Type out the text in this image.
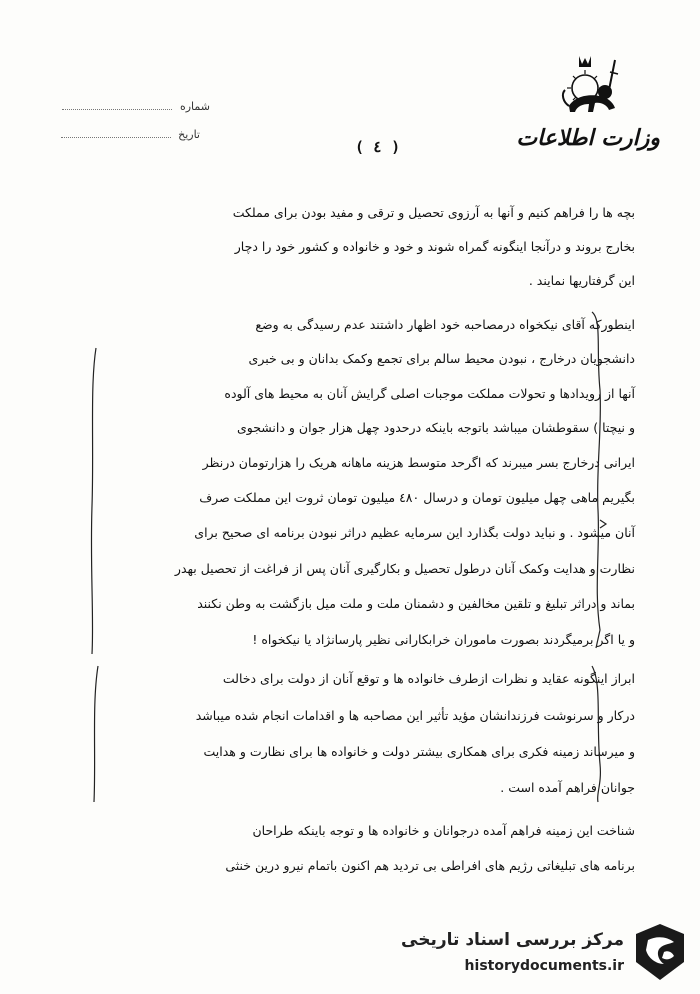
وزارت اطلاعات
شماره
تاریخ
( ٤ )
بچه ها را فراهم کنیم و آنها به آرزوی تحصیل و ترقی و مفید بودن برای مملکت
بخارج بروند و درآنجا اینگونه گمراه شوند و خود و خانواده و کشور خود را دچار
این گرفتاریها نمایند .
اینطورکه آقای نیکخواه درمصاحبه خود اظهار داشتند عدم رسیدگی به وضع
دانشجویان درخارج ، نبودن محیط سالم برای تجمع وکمک بدانان و بی خبری
آنها از رویدادها و تحولات مملکت موجبات اصلی گرایش آنان به محیط های آلوده
و نیچتا ) سقوطشان میباشد باتوجه باینکه درحدود چهل هزار جوان و دانشجوی
ایرانی درخارج بسر میبرند که اگرحد متوسط هزینه ماهانه هریک را هزارتومان درنظر
بگیریم ماهی چهل میلیون تومان و درسال ٤٨٠ میلیون تومان ثروت این مملکت صرف
آنان میشود . و نباید دولت بگذارد این سرمایه عظیم دراثر نبودن برنامه ای صحیح برای
نظارت و هدایت وکمک آنان درطول تحصیل و بکارگیری آنان پس از فراغت از تحصیل بهدر
بماند و دراثر تبلیغ و تلقین مخالفین و دشمنان ملت و ملت میل بازگشت به وطن نکنند
و یا اگر برمیگردند بصورت ماموران خرابکارانی نظیر پارسانژاد یا نیکخواه !
ابراز اینگونه عقاید و نظرات ازطرف خانواده ها و توقع آنان از دولت برای دخالت
درکار و سرنوشت فرزندانشان مؤید تأثیر این مصاحبه ها و اقدامات انجام شده میباشد
و میرساند زمینه فکری برای همکاری بیشتر دولت و خانواده ها برای نظارت و هدایت
جوانان فراهم آمده است .
شناخت این زمینه فراهم آمده درجوانان و خانواده ها و توجه باینکه طراحان
برنامه های تبلیغاتی رژیم های افراطی بی تردید هم اکنون باتمام نیرو درین خنثی
مرکز بررسی اسناد تاریخی
historydocuments.ir
